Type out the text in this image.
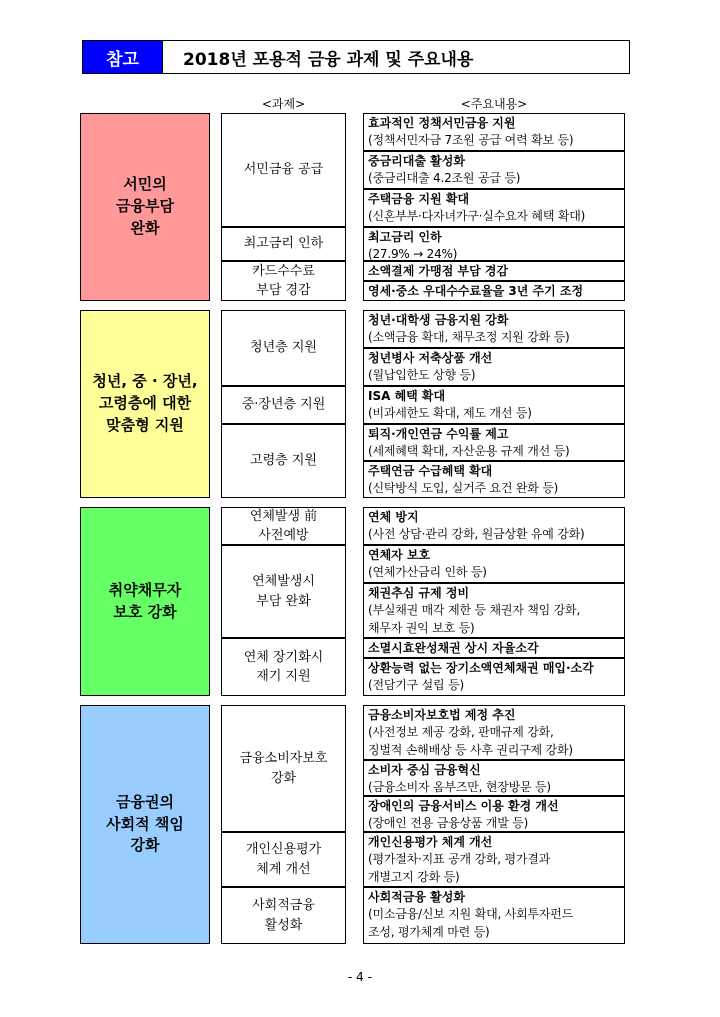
참고	2018년 포용적 금융 과제 및 주요내용
<과제>	<주요내용>
서민의
금융부담
완화
서민금융 공급
최고금리 인하
카드수수료
부담 경감
효과적인 정책서민금융 지원
(정책서민자금 7조원 공급 여력 확보 등)
중금리대출 활성화
(중금리대출 4.2조원 공급 등)
주택금융 지원 확대
(신혼부부·다자녀가구·실수요자 혜택 확대)
최고금리 인하
(27.9% → 24%)
소액결제 가맹점 부담 경감
영세·중소 우대수수료율을 3년 주기 조정
청년, 중 · 장년,
고령층에 대한
맞춤형 지원
청년층 지원
중·장년층 지원
고령층 지원
청년·대학생 금융지원 강화
(소액금융 확대, 채무조정 지원 강화 등)
청년병사 저축상품 개선
(월납입한도 상향 등)
ISA 혜택 확대
(비과세한도 확대, 제도 개선 등)
퇴직·개인연금 수익률 제고
(세제혜택 확대, 자산운용 규제 개선 등)
주택연금 수급혜택 확대
(신탁방식 도입, 실거주 요건 완화 등)
취약채무자
보호 강화
연체발생 前
사전예방
연체발생시
부담 완화
연체 장기화시
재기 지원
연체 방지
(사전 상담·관리 강화, 원금상환 유예 강화)
연체자 보호
(연체가산금리 인하 등)
채권추심 규제 정비
(부실채권 매각 제한 등 채권자 책임 강화,
채무자 권익 보호 등)
소멸시효완성채권 상시 자율소각
상환능력 없는 장기소액연체채권 매입·소각
(전담기구 설립 등)
금융권의
사회적 책임
강화
금융소비자보호
강화
개인신용평가
체계 개선
사회적금융
활성화
금융소비자보호법 제정 추진
(사전정보 제공 강화, 판매규제 강화,
징벌적 손해배상 등 사후 권리구제 강화)
소비자 중심 금융혁신
(금융소비자 옴부즈만, 현장방문 등)
장애인의 금융서비스 이용 환경 개선
(장애인 전용 금융상품 개발 등)
개인신용평가 체계 개선
(평가절차·지표 공개 강화, 평가결과
개별고지 강화 등)
사회적금융 활성화
(미소금융/신보 지원 확대, 사회투자펀드
조성, 평가체계 마련 등)
- 4 -
